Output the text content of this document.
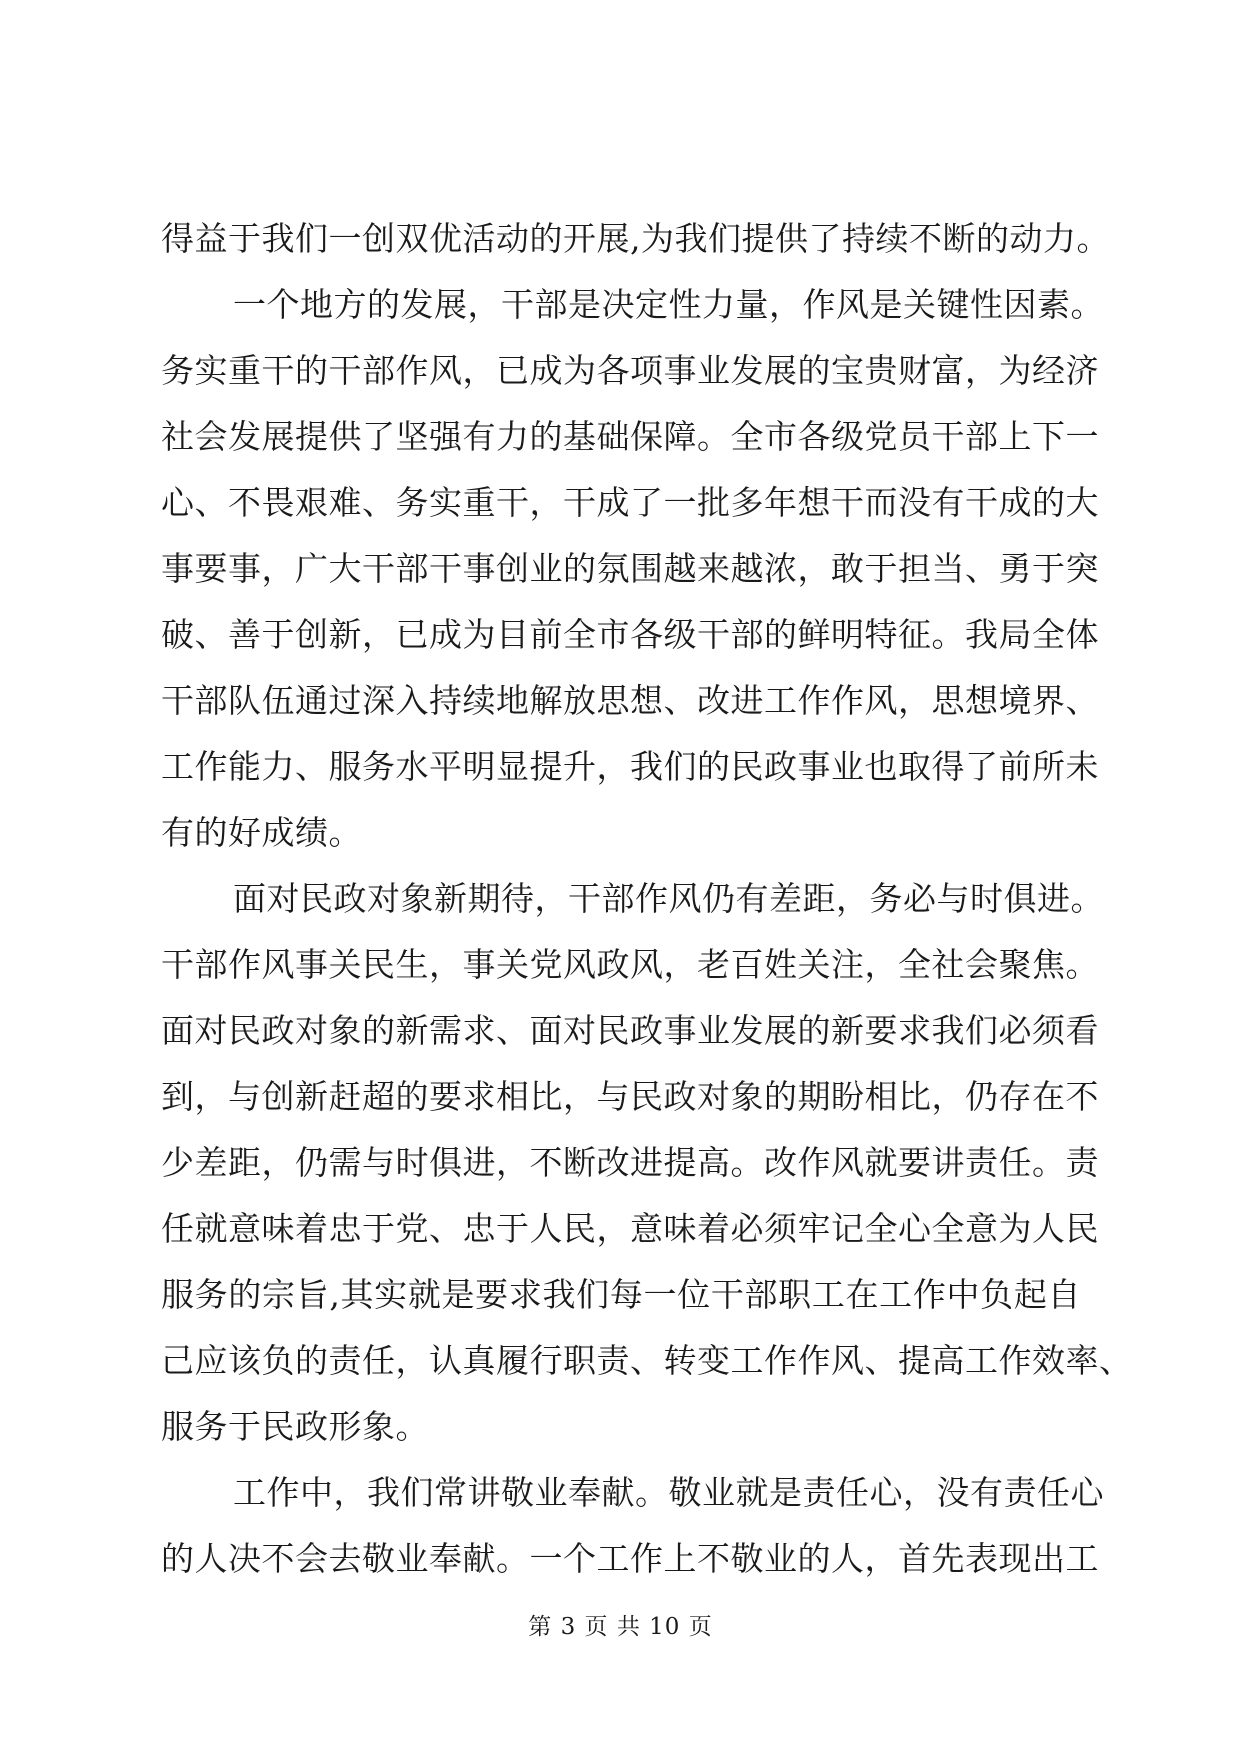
得益于我们一创双优活动的开展,为我们提供了持续不断的动力。
一个地方的发展，干部是决定性力量，作风是关键性因素。
务实重干的干部作风，已成为各项事业发展的宝贵财富，为经济
社会发展提供了坚强有力的基础保障。全市各级党员干部上下一
心、不畏艰难、务实重干，干成了一批多年想干而没有干成的大
事要事，广大干部干事创业的氛围越来越浓，敢于担当、勇于突
破、善于创新，已成为目前全市各级干部的鲜明特征。我局全体
干部队伍通过深入持续地解放思想、改进工作作风，思想境界、
工作能力、服务水平明显提升，我们的民政事业也取得了前所未
有的好成绩。
面对民政对象新期待，干部作风仍有差距，务必与时俱进。
干部作风事关民生，事关党风政风，老百姓关注，全社会聚焦。
面对民政对象的新需求、面对民政事业发展的新要求我们必须看
到，与创新赶超的要求相比，与民政对象的期盼相比，仍存在不
少差距，仍需与时俱进，不断改进提高。改作风就要讲责任。责
任就意味着忠于党、忠于人民，意味着必须牢记全心全意为人民
服务的宗旨,其实就是要求我们每一位干部职工在工作中负起自
己应该负的责任，认真履行职责、转变工作作风、提高工作效率、
服务于民政形象。
工作中，我们常讲敬业奉献。敬业就是责任心，没有责任心
的人决不会去敬业奉献。一个工作上不敬业的人，首先表现出工
第 3 页 共 10 页
